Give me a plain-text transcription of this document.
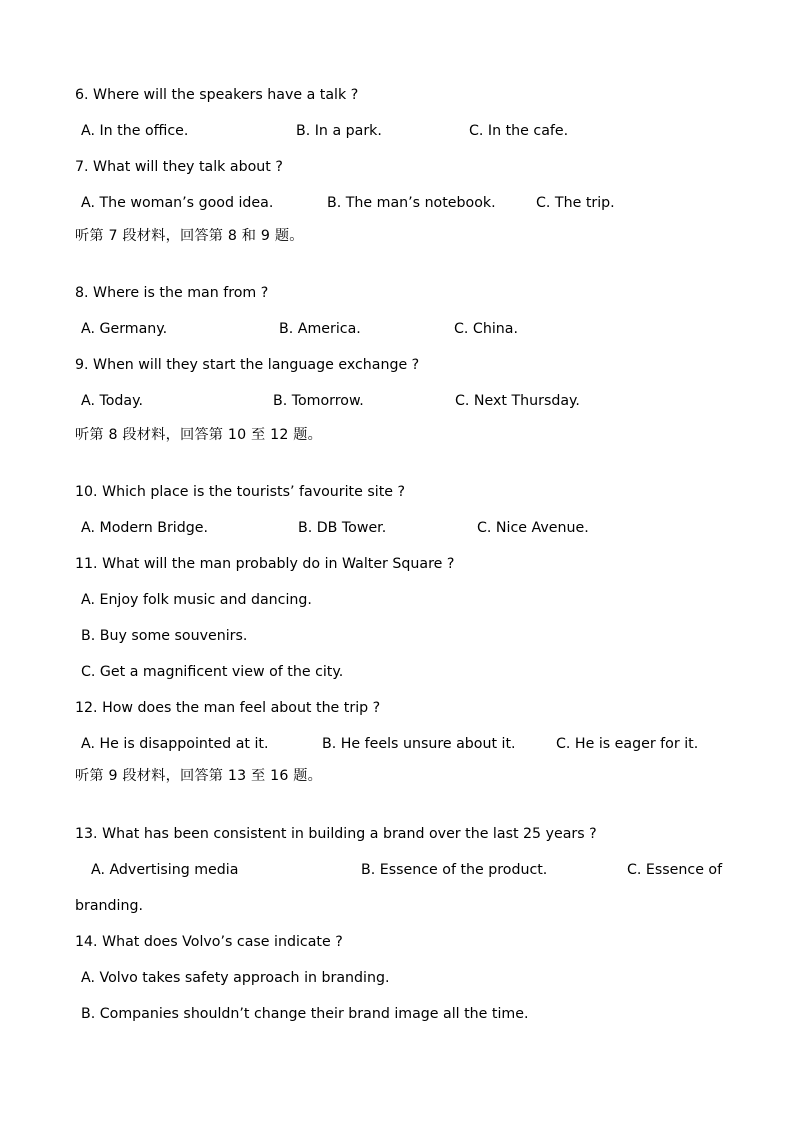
6. Where will the speakers have a talk ?
A. In the office.	B. In a park.	C. In the cafe.
7. What will they talk about ?
A. The woman’s good idea.	B. The man’s notebook.	C. The trip.
听第 7 段材料，回答第 8 和 9 题。
8. Where is the man from ?
A. Germany.	B. America.	C. China.
9. When will they start the language exchange ?
A. Today.	B. Tomorrow.	C. Next Thursday.
听第 8 段材料，回答第 10 至 12 题。
10. Which place is the tourists’ favourite site ?
A. Modern Bridge.	B. DB Tower.	C. Nice Avenue.
11. What will the man probably do in Walter Square ?
A. Enjoy folk music and dancing.
B. Buy some souvenirs.
C. Get a magnificent view of the city.
12. How does the man feel about the trip ?
A. He is disappointed at it.	B. He feels unsure about it.	C. He is eager for it.
听第 9 段材料，回答第 13 至 16 题。
13. What has been consistent in building a brand over the last 25 years ?
A. Advertising media	B. Essence of the product.	C. Essence of
branding.
14. What does Volvo’s case indicate ?
A. Volvo takes safety approach in branding.
B. Companies shouldn’t change their brand image all the time.
